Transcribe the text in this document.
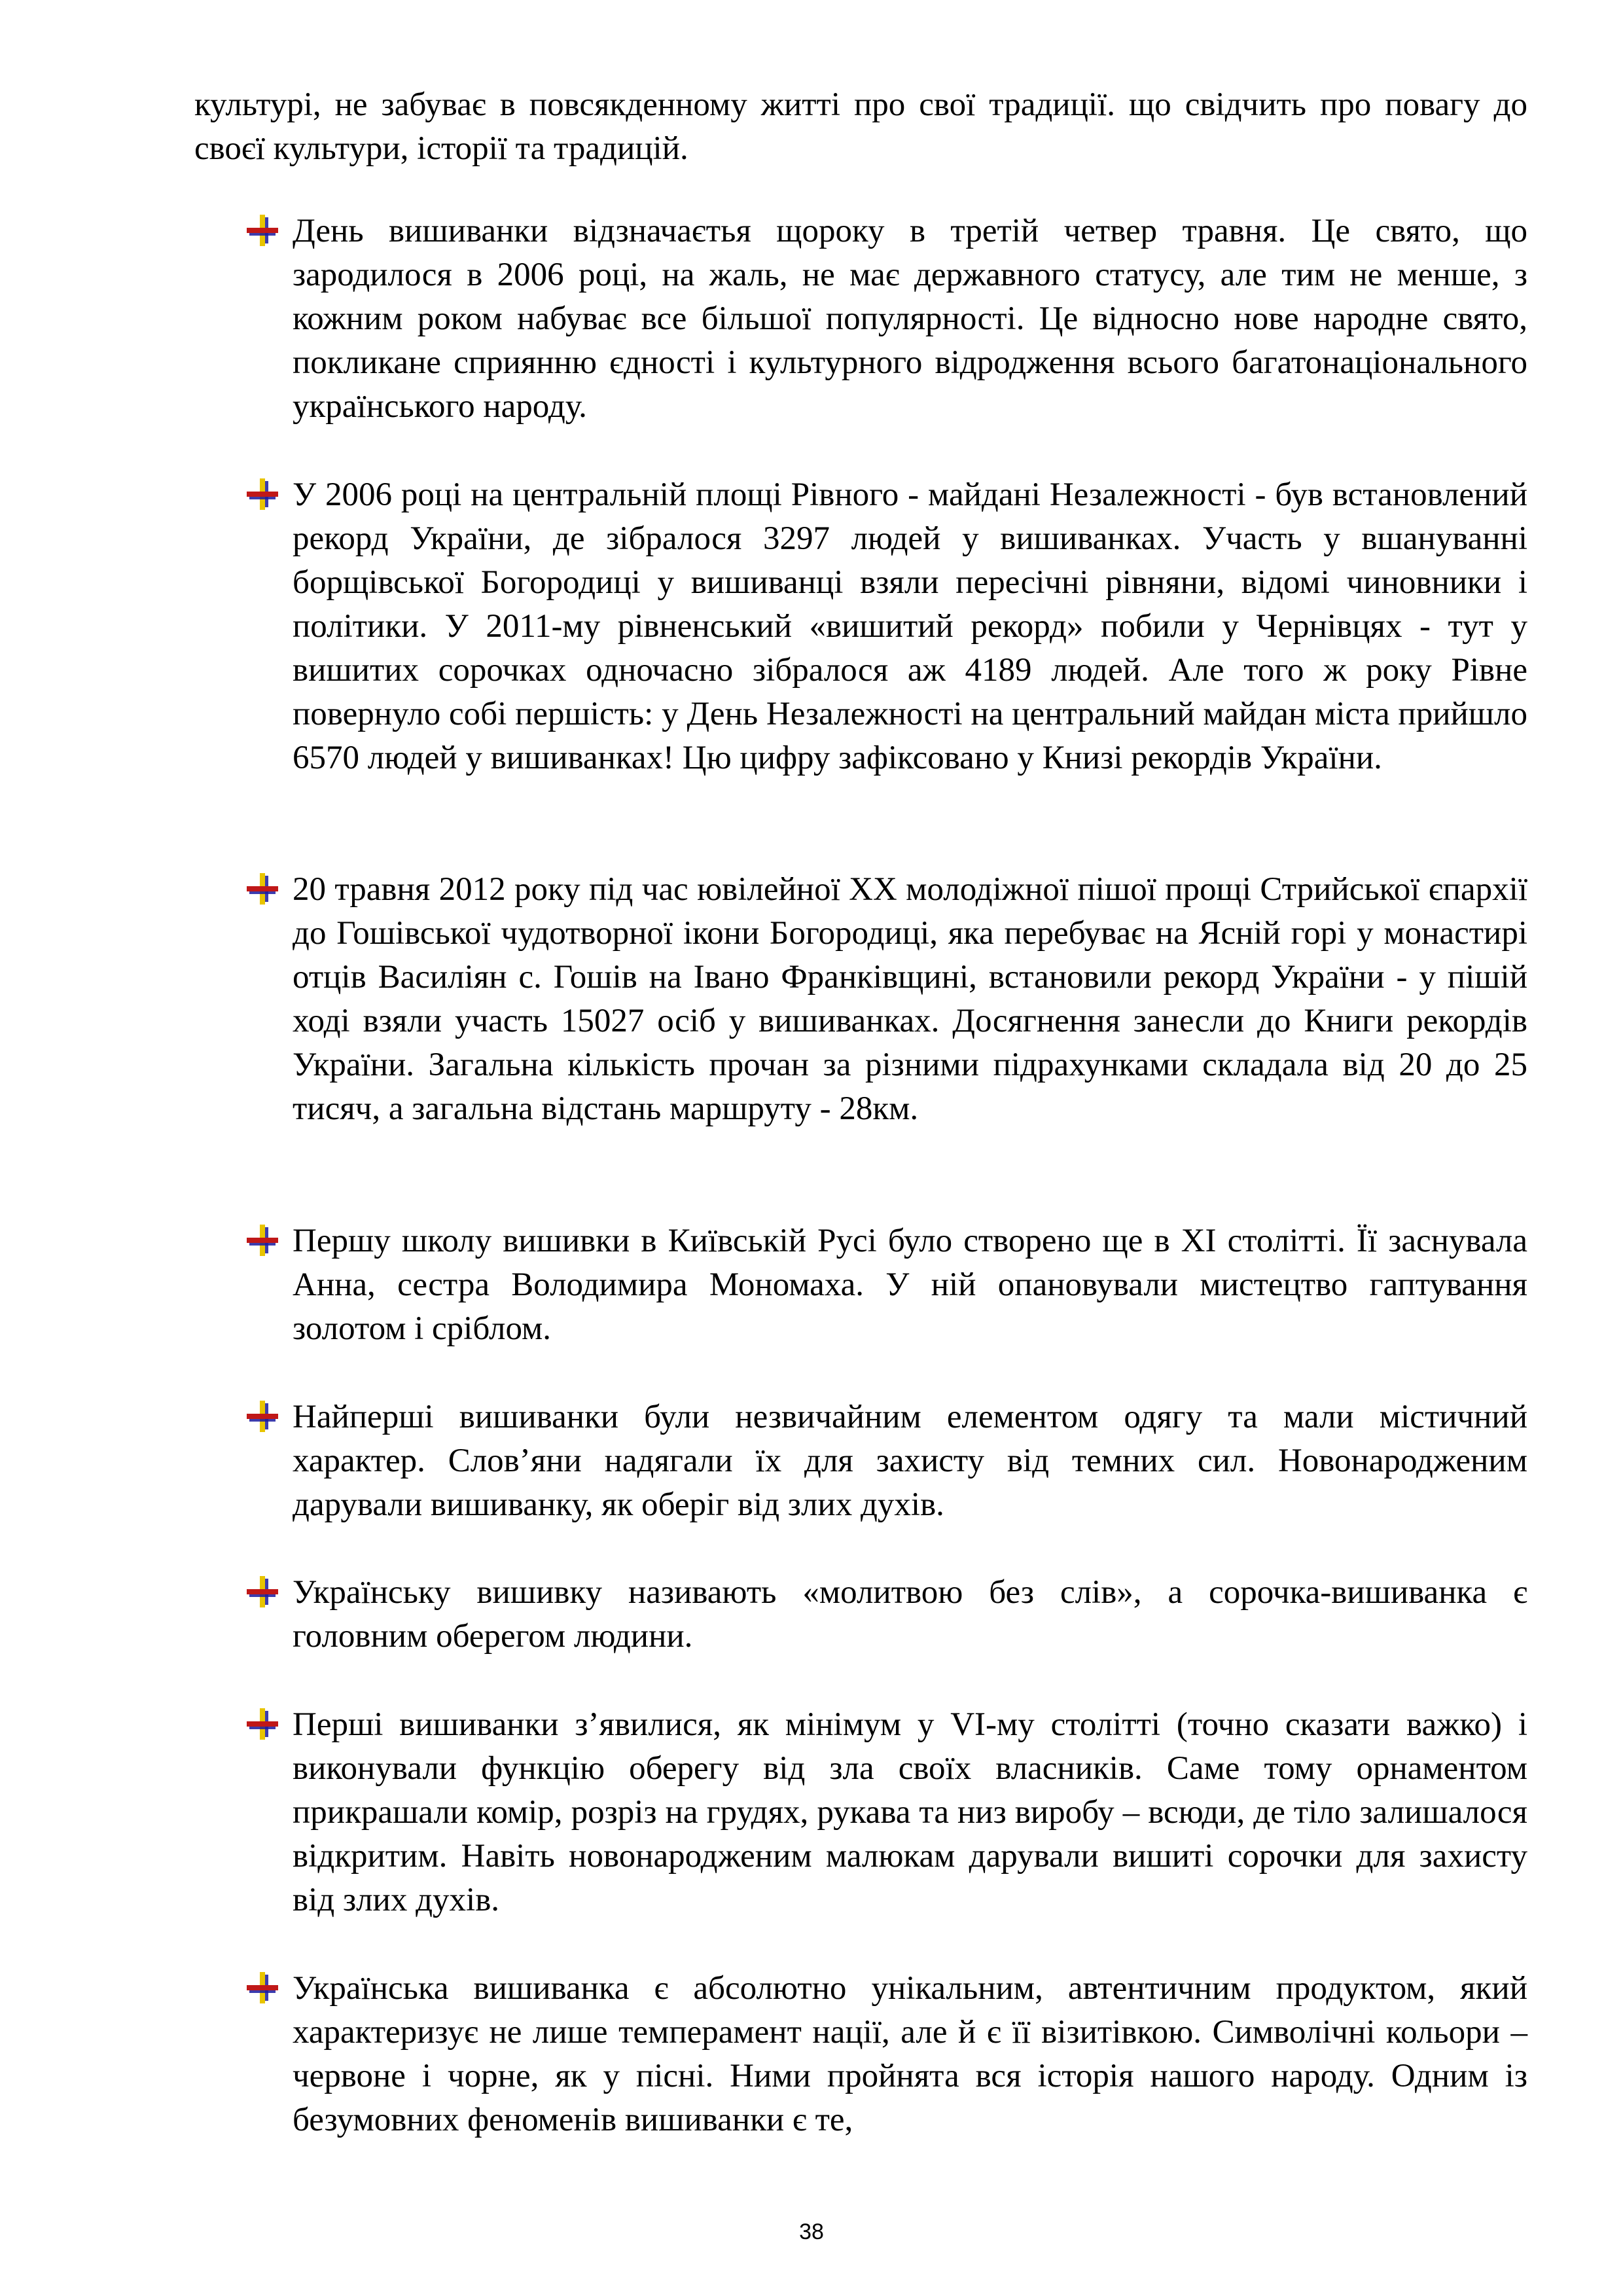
культурі, не забуває в повсякденному житті про свої традиції. що свідчить про повагу до своєї культури, історії та традицій.

День вишиванки відзначаєтья щороку в третій четвер травня. Це свято, що зародилося в 2006 році, на жаль, не має державного статусу, але тим не менше, з кожним роком набуває все більшої популярності. Це відносно нове народне свято, покликане сприянню єдності і культурного відродження всього багатонаціонального українського народу.

У 2006 році на центральній площі Рівного - майдані Незалежності - був встановлений рекорд України, де зібралося 3297 людей у вишиванках. Участь у вшануванні борщівської Богородиці у вишиванці взяли пересічні рівняни, відомі чиновники і політики. У 2011-му рівненський «вишитий рекорд» побили у Чернівцях - тут у вишитих сорочках одночасно зібралося аж 4189 людей. Але того ж року Рівне повернуло собі першість: у День Незалежності на центральний майдан міста прийшло 6570 людей у вишиванках! Цю цифру зафіксовано у Книзі рекордів України.

20 травня 2012 року під час ювілейної XX молодіжної пішої прощі Стрийської єпархії до Гошівської чудотворної ікони Богородиці, яка перебуває на Ясній горі у монастирі отців Василіян с. Гошів на Івано Франківщині, встановили рекорд України - у пішій ході взяли участь 15027 осіб у вишиванках. Досягнення занесли до Книги рекордів України. Загальна кількість прочан за різними підрахунками складала від 20 до 25 тисяч, а загальна відстань маршруту - 28км.

Першу школу вишивки в Київській Русі було створено ще в XI столітті. Її заснувала Анна, сестра Володимира Мономаха. У ній опановували мистецтво гаптування золотом і сріблом.

Найперші вишиванки були незвичайним елементом одягу та мали містичний характер. Слов’яни надягали їх для захисту від темних сил. Новонародженим дарували вишиванку, як оберіг від злих духів.

Українську вишивку називають «молитвою без слів», а сорочка-вишиванка є головним оберегом людини.

Перші вишиванки з’явилися, як мінімум у VI-му столітті (точно сказати важко) і виконували функцію оберегу від зла своїх власників. Саме тому орнаментом прикрашали комір, розріз на грудях, рукава та низ виробу – всюди, де тіло залишалося відкритим. Навіть новонародженим малюкам дарували вишиті сорочки для захисту від злих духів.

Українська вишиванка є абсолютно унікальним, автентичним продуктом, який характеризує не лише темперамент нації, але й є її візитівкою. Символічні кольори – червоне і чорне, як у пісні. Ними пройнята вся історія нашого народу. Одним із безумовних феноменів вишиванки є те,

38
